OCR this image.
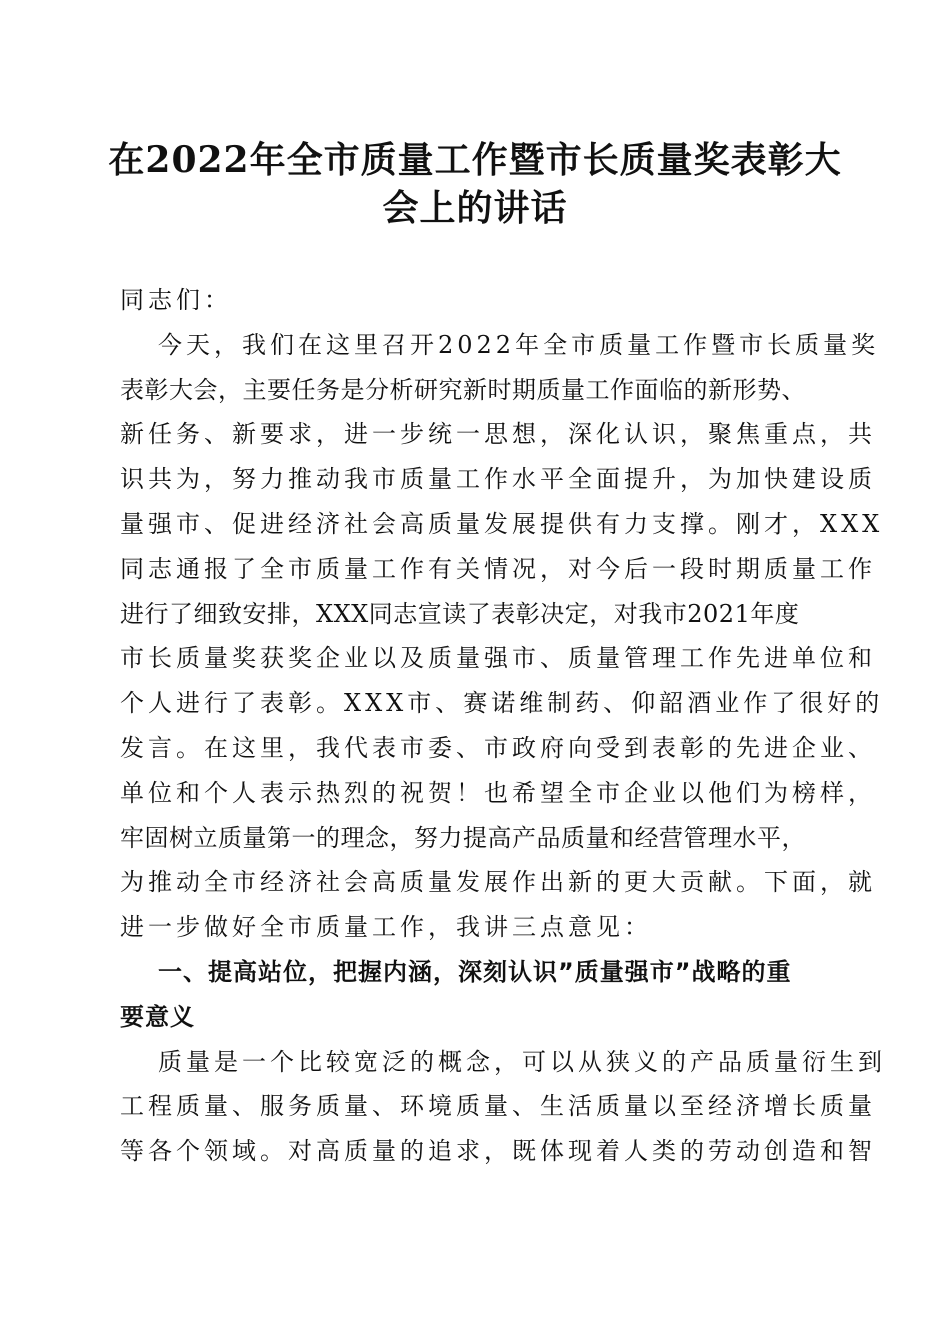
在2022年全市质量工作暨市长质量奖表彰大
会上的讲话
同志们：
今天，我们在这里召开2022年全市质量工作暨市长质量奖
表彰大会，主要任务是分析研究新时期质量工作面临的新形势、
新任务、新要求，进一步统一思想，深化认识，聚焦重点，共
识共为，努力推动我市质量工作水平全面提升，为加快建设质
量强市、促进经济社会高质量发展提供有力支撑。刚才，XXX
同志通报了全市质量工作有关情况，对今后一段时期质量工作
进行了细致安排，XXX同志宣读了表彰决定，对我市2021年度
市长质量奖获奖企业以及质量强市、质量管理工作先进单位和
个人进行了表彰。XXX市、赛诺维制药、仰韶酒业作了很好的
发言。在这里，我代表市委、市政府向受到表彰的先进企业、
单位和个人表示热烈的祝贺！也希望全市企业以他们为榜样，
牢固树立质量第一的理念，努力提高产品质量和经营管理水平，
为推动全市经济社会高质量发展作出新的更大贡献。下面，就
进一步做好全市质量工作，我讲三点意见：
一、提高站位，把握内涵，深刻认识”质量强市”战略的重
要意义
质量是一个比较宽泛的概念，可以从狭义的产品质量衍生到
工程质量、服务质量、环境质量、生活质量以至经济增长质量
等各个领域。对高质量的追求，既体现着人类的劳动创造和智
